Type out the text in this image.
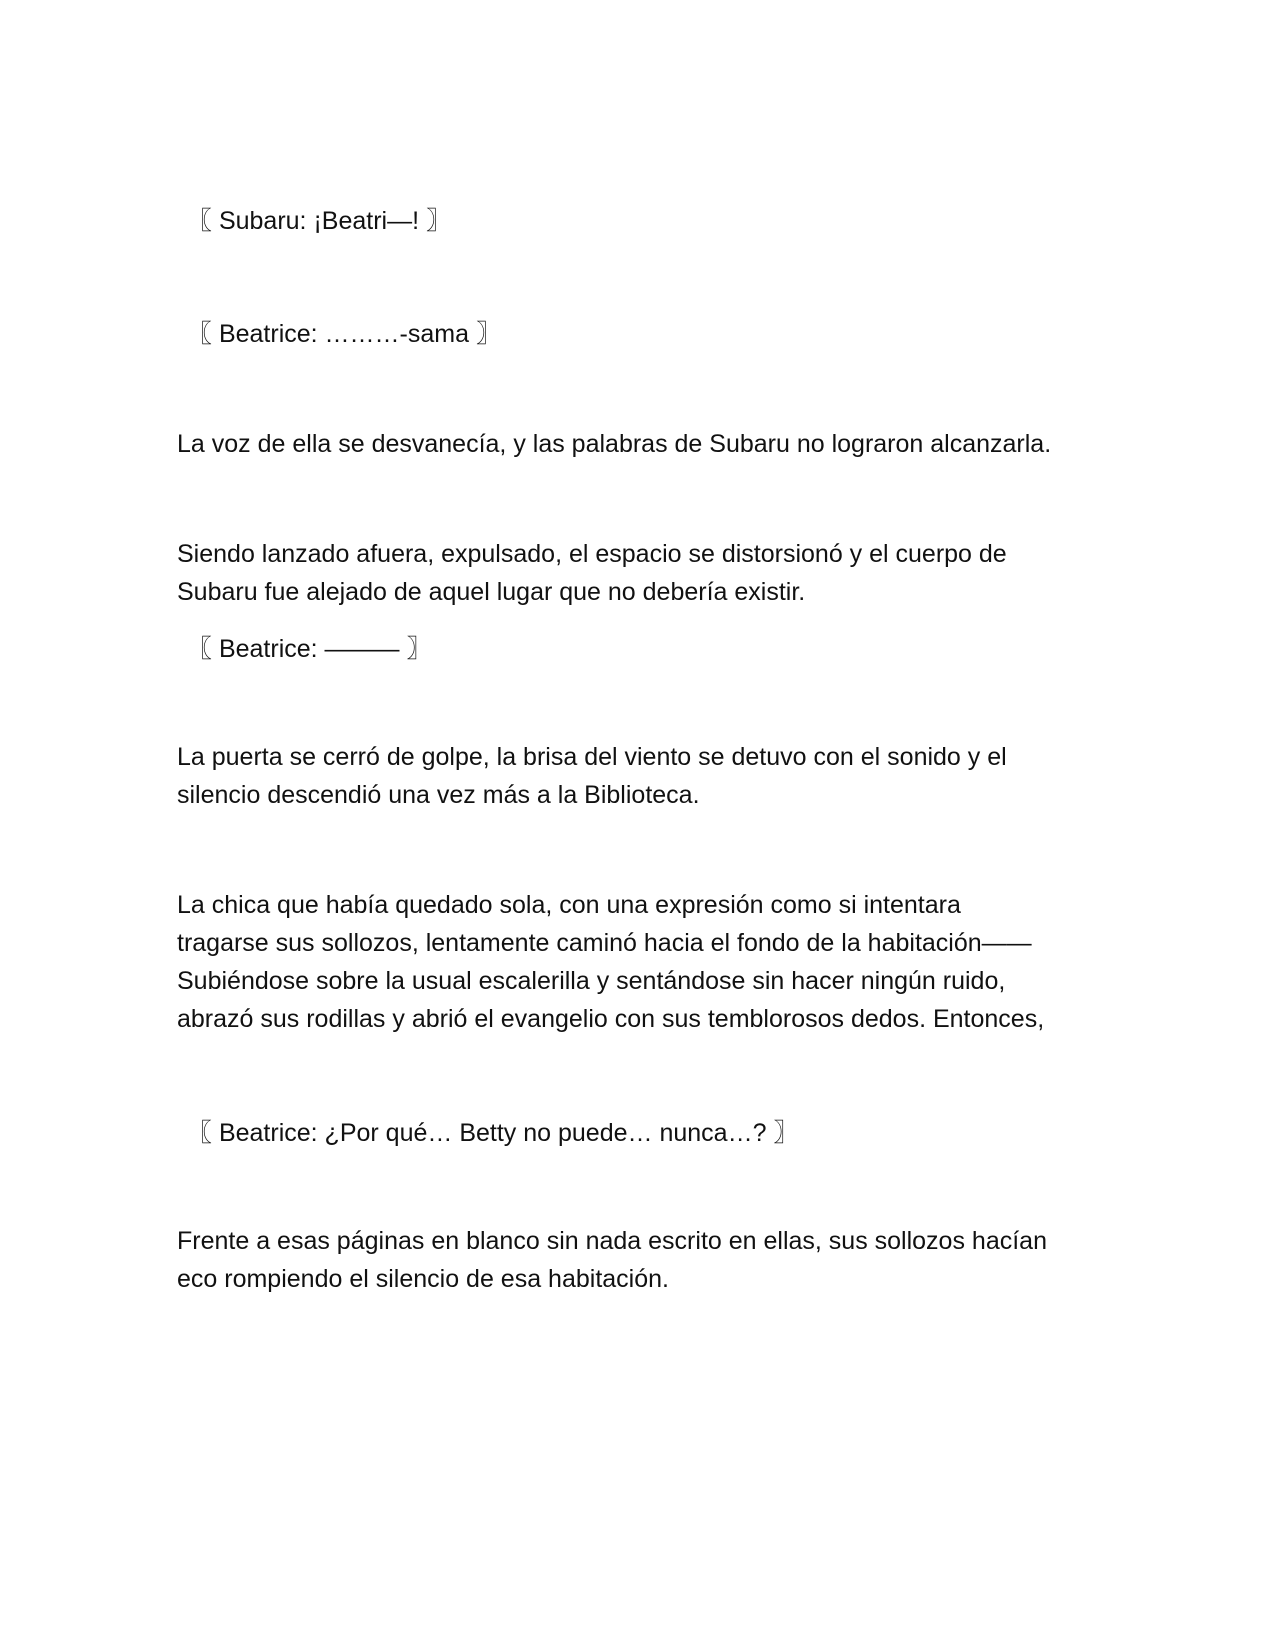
〖 Subaru: ¡Beatri—! 〗
〖 Beatrice: ………-sama 〗
La voz de ella se desvanecía, y las palabras de Subaru no lograron alcanzarla.
Siendo lanzado afuera, expulsado, el espacio se distorsionó y el cuerpo de
Subaru fue alejado de aquel lugar que no debería existir.
〖 Beatrice: ——— 〗
La puerta se cerró de golpe, la brisa del viento se detuvo con el sonido y el
silencio descendió una vez más a la Biblioteca.
La chica que había quedado sola, con una expresión como si intentara
tragarse sus sollozos, lentamente caminó hacia el fondo de la habitación——
Subiéndose sobre la usual escalerilla y sentándose sin hacer ningún ruido,
abrazó sus rodillas y abrió el evangelio con sus temblorosos dedos. Entonces,
〖 Beatrice: ¿Por qué… Betty no puede… nunca…? 〗
Frente a esas páginas en blanco sin nada escrito en ellas, sus sollozos hacían
eco rompiendo el silencio de esa habitación.
